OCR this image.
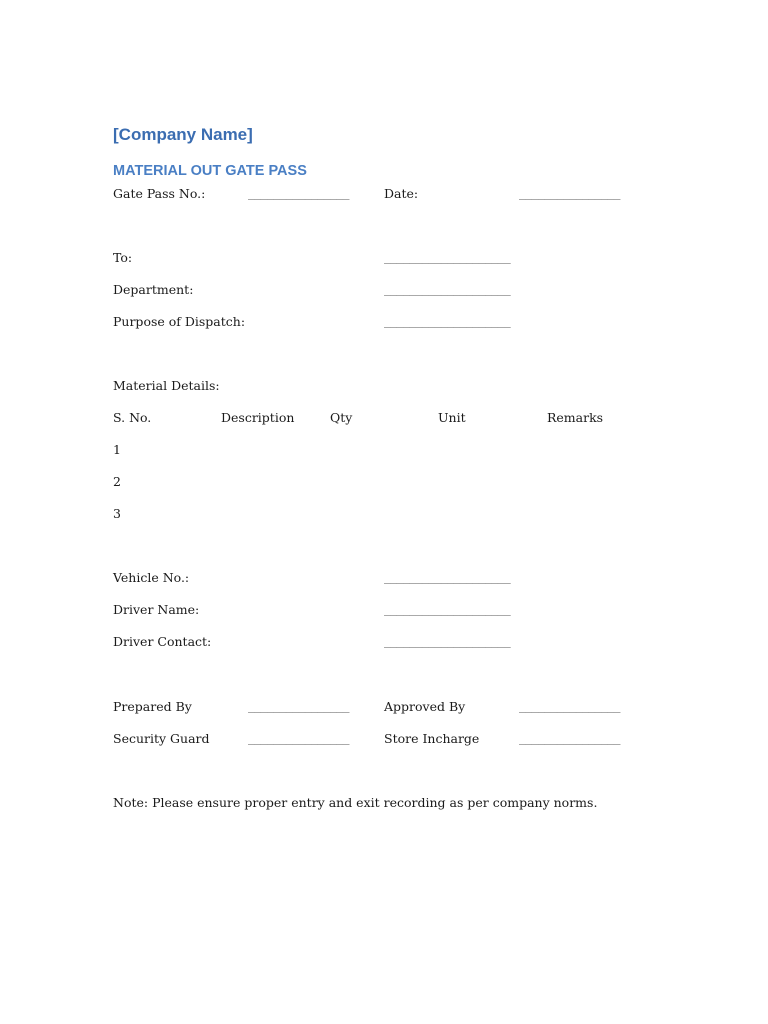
[Company Name]
MATERIAL OUT GATE PASS
Gate Pass No.:	________________	Date:	________________
To:	____________________
Department:	____________________
Purpose of Dispatch:	____________________
Material Details:
S. No.	Description	Qty	Unit	Remarks
1
2
3
Vehicle No.:	____________________
Driver Name:	____________________
Driver Contact:	____________________
Prepared By	________________	Approved By	________________
Security Guard	________________	Store Incharge	________________
Note: Please ensure proper entry and exit recording as per company norms.
